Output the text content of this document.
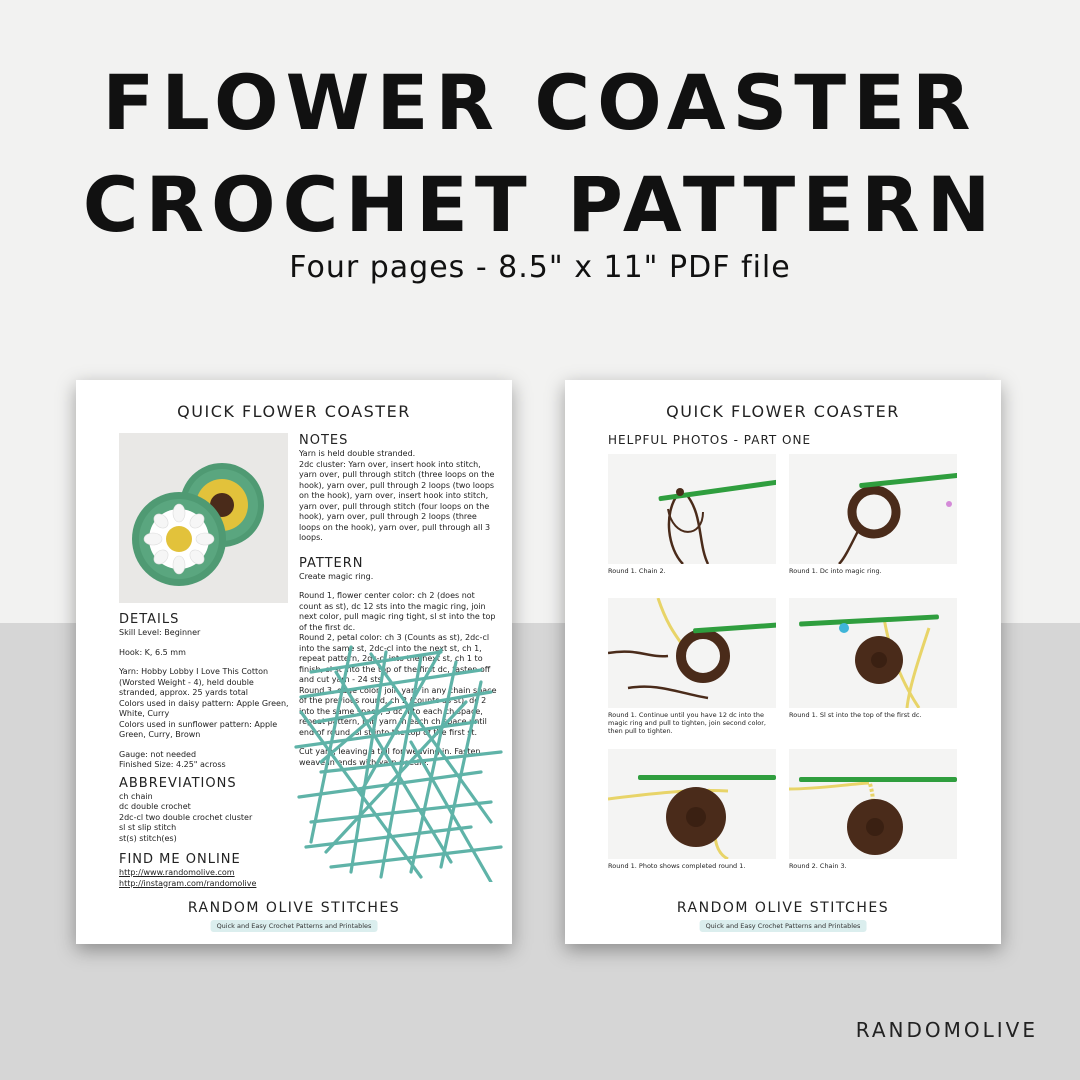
FLOWER COASTER
CROCHET PATTERN
Four pages - 8.5" x 11" PDF file
QUICK FLOWER COASTER
DETAILS
Skill Level: Beginner
Hook: K, 6.5 mm
Yarn: Hobby Lobby I Love This Cotton (Worsted Weight - 4), held double stranded, approx. 25 yards total
Colors used in daisy pattern: Apple Green, White, Curry
Colors used in sunflower pattern: Apple Green, Curry, Brown
Gauge: not needed
Finished Size: 4.25" across
ABBREVIATIONS
ch chain
dc double crochet
2dc-cl two double crochet cluster
sl st slip stitch
st(s) stitch(es)
FIND ME ONLINE
http://www.randomolive.com
http://instagram.com/randomolive
NOTES
Yarn is held double stranded.
2dc cluster: Yarn over, insert hook into stitch, yarn over, pull through stitch (three loops on the hook), yarn over, pull through 2 loops (two loops on the hook), yarn over, insert hook into stitch, yarn over, pull through stitch (four loops on the hook), yarn over, pull through 2 loops (three loops on the hook), yarn over, pull through all 3 loops.
PATTERN
Create magic ring.
Round 1, flower center color: ch 2 (does not count as st), dc 12 sts into the magic ring, join next color, pull magic ring tight, sl st into the top of the first dc.
Round 2, petal color: ch 3 (Counts as st), 2dc-cl into the same st, 2dc-cl into the next st, ch 1, repeat pattern, 2dc-cl into the next st, ch 1 to finish, sl st into the top of the first dc, fasten off and cut yarn - 24 sts
Round 3, edge color: join yarn in any chain space of the previous round, ch 2 (counts as st), dc 2 into the same space, 3 dc into each ch space, repeat pattern, join yarn in each ch space until end of round, sl st into the top of the first st.
Cut yarn, leaving a tail for weaving in. Fasten, weave in ends with yarn needle.
RANDOM OLIVE STITCHES
Quick and Easy Crochet Patterns and Printables
QUICK FLOWER COASTER
HELPFUL PHOTOS - PART ONE
Round 1. Chain 2.	Round 1. Dc into magic ring.
Round 1. Continue until you have 12 dc into the magic ring and pull to tighten, join second color, then pull to tighten.
Round 1. Sl st into the top of the first dc.
Round 1. Photo shows completed round 1.	Round 2. Chain 3.
RANDOM OLIVE STITCHES
Quick and Easy Crochet Patterns and Printables
RANDOMOLIVE
